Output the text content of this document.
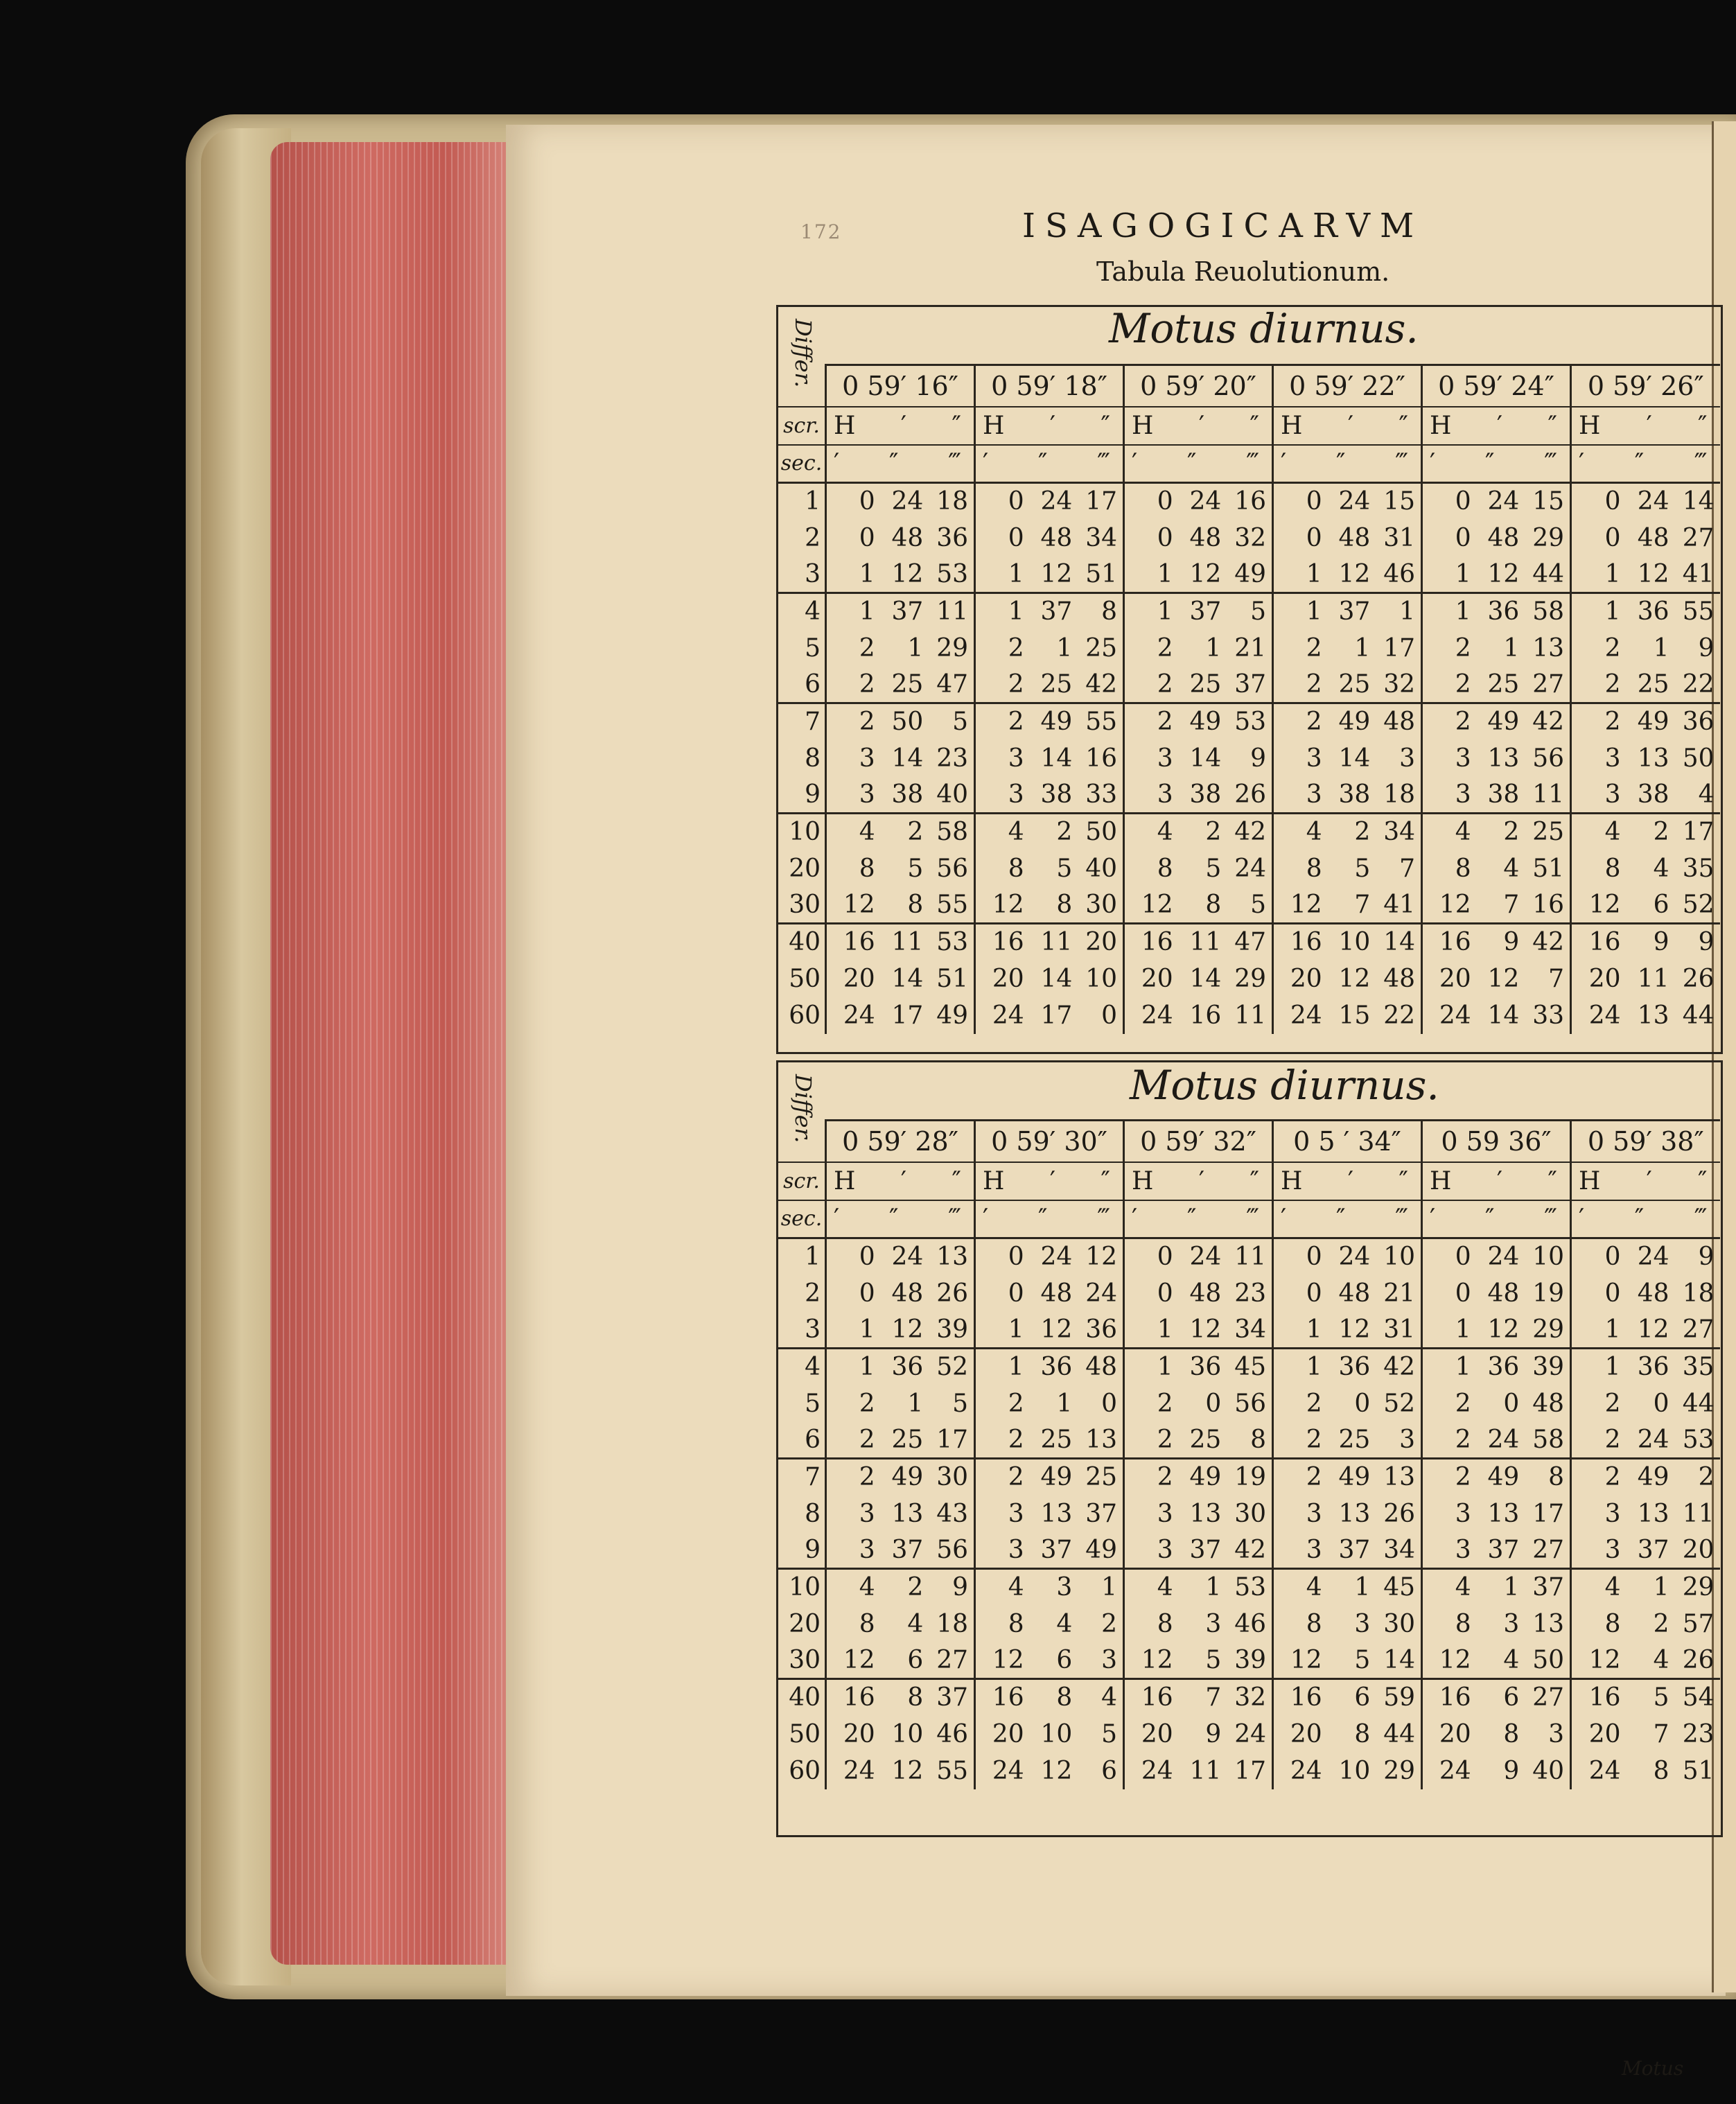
172	ISAGOGICARVM
Tabula Reuolutionum.
Motus diurnus.
Differ.
	0 59′ 16″	0 59′ 18″	0 59′ 20″	0 59′ 22″	0 59′ 24″	0 59′ 26″
scr.	H ′ ″	H ′ ″	H ′ ″	H ′ ″	H ′ ″	H ′ ″

sec.	′ ″ ‴	′ ″ ‴	′ ″ ‴	′ ″ ‴	′ ″ ‴	′ ″ ‴

1	0 24 18	0 24 17	0 24 16	0 24 15	0 24 15	0 24 14

2	0 48 36	0 48 34	0 48 32	0 48 31	0 48 29	0 48 27

3	1 12 53	1 12 51	1 12 49	1 12 46	1 12 44	1 12 41

4	1 37 11	1 37 8	1 37 5	1 37 1	1 36 58	1 36 55

5	2 1 29	2 1 25	2 1 21	2 1 17	2 1 13	2 1 9

6	2 25 47	2 25 42	2 25 37	2 25 32	2 25 27	2 25 22

7	2 50 5	2 49 55	2 49 53	2 49 48	2 49 42	2 49 36

8	3 14 23	3 14 16	3 14 9	3 14 3	3 13 56	3 13 50

9	3 38 40	3 38 33	3 38 26	3 38 18	3 38 11	3 38 4

10	4 2 58	4 2 50	4 2 42	4 2 34	4 2 25	4 2 17

20	8 5 56	8 5 40	8 5 24	8 5 7	8 4 51	8 4 35

30	12 8 55	12 8 30	12 8 5	12 7 41	12 7 16	12 6 52

40	16 11 53	16 11 20	16 11 47	16 10 14	16 9 42	16 9 9

50	20 14 51	20 14 10	20 14 29	20 12 48	20 12 7	20 11 26

60	24 17 49	24 17 0	24 16 11	24 15 22	24 14 33	24 13 44
Motus diurnus.
Differ.
	0 59′ 28″	0 59′ 30″	0 59′ 32″	0 5 ′ 34″	0 59 36″	0 59′ 38″
scr.	H ′ ″	H ′ ″	H ′ ″	H ′ ″	H ′ ″	H ′ ″

sec.	′ ″ ‴	′ ″ ‴	′ ″ ‴	′ ″ ‴	′ ″ ‴	′ ″ ‴

1	0 24 13	0 24 12	0 24 11	0 24 10	0 24 10	0 24 9

2	0 48 26	0 48 24	0 48 23	0 48 21	0 48 19	0 48 18

3	1 12 39	1 12 36	1 12 34	1 12 31	1 12 29	1 12 27

4	1 36 52	1 36 48	1 36 45	1 36 42	1 36 39	1 36 35

5	2 1 5	2 1 0	2 0 56	2 0 52	2 0 48	2 0 44

6	2 25 17	2 25 13	2 25 8	2 25 3	2 24 58	2 24 53

7	2 49 30	2 49 25	2 49 19	2 49 13	2 49 8	2 49 2

8	3 13 43	3 13 37	3 13 30	3 13 26	3 13 17	3 13 11

9	3 37 56	3 37 49	3 37 42	3 37 34	3 37 27	3 37 20

10	4 2 9	4 3 1	4 1 53	4 1 45	4 1 37	4 1 29

20	8 4 18	8 4 2	8 3 46	8 3 30	8 3 13	8 2 57

30	12 6 27	12 6 3	12 5 39	12 5 14	12 4 50	12 4 26

40	16 8 37	16 8 4	16 7 32	16 6 59	16 6 27	16 5 54

50	20 10 46	20 10 5	20 9 24	20 8 44	20 8 3	20 7 23

60	24 12 55	24 12 6	24 11 17	24 10 29	24 9 40	24 8 51
Motus
